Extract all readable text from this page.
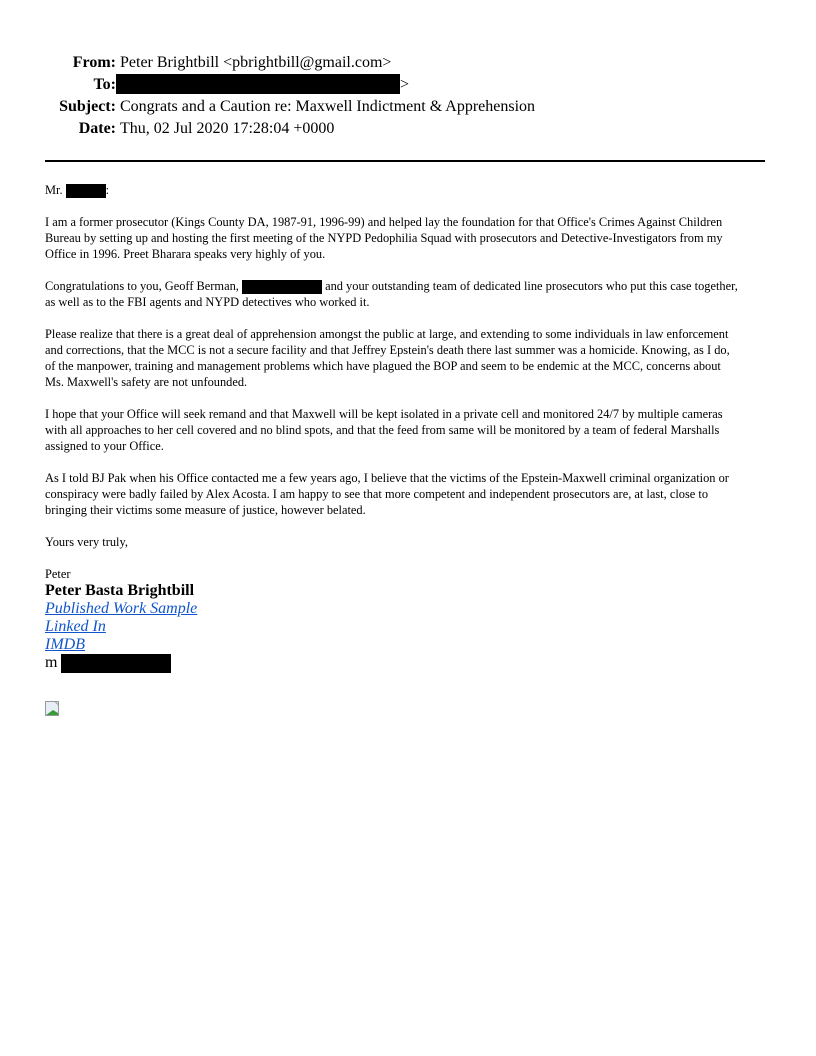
From: Peter Brightbill <pbrightbill@gmail.com>
To:	>
Subject: Congrats and a Caution re: Maxwell Indictment & Apprehension
Date: Thu, 02 Jul 2020 17:28:04 +0000

Mr.	:

I am a former prosecutor (Kings County DA, 1987-91, 1996-99) and helped lay the foundation for that Office's Crimes Against Children
Bureau by setting up and hosting the first meeting of the NYPD Pedophilia Squad with prosecutors and Detective-Investigators from my
Office in 1996. Preet Bharara speaks very highly of you.

Congratulations to you, Geoff Berman,	and your outstanding team of dedicated line prosecutors who put this case together,
as well as to the FBI agents and NYPD detectives who worked it.

Please realize that there is a great deal of apprehension amongst the public at large, and extending to some individuals in law enforcement
and corrections, that the MCC is not a secure facility and that Jeffrey Epstein's death there last summer was a homicide. Knowing, as I do,
of the manpower, training and management problems which have plagued the BOP and seem to be endemic at the MCC, concerns about
Ms. Maxwell's safety are not unfounded.

I hope that your Office will seek remand and that Maxwell will be kept isolated in a private cell and monitored 24/7 by multiple cameras
with all approaches to her cell covered and no blind spots, and that the feed from same will be monitored by a team of federal Marshalls
assigned to your Office.

As I told BJ Pak when his Office contacted me a few years ago, I believe that the victims of the Epstein-Maxwell criminal organization or
conspiracy were badly failed by Alex Acosta. I am happy to see that more competent and independent prosecutors are, at last, close to
bringing their victims some measure of justice, however belated.

Yours very truly,

Peter
Peter Basta Brightbill
Published Work Sample
Linked In
IMDB
m
